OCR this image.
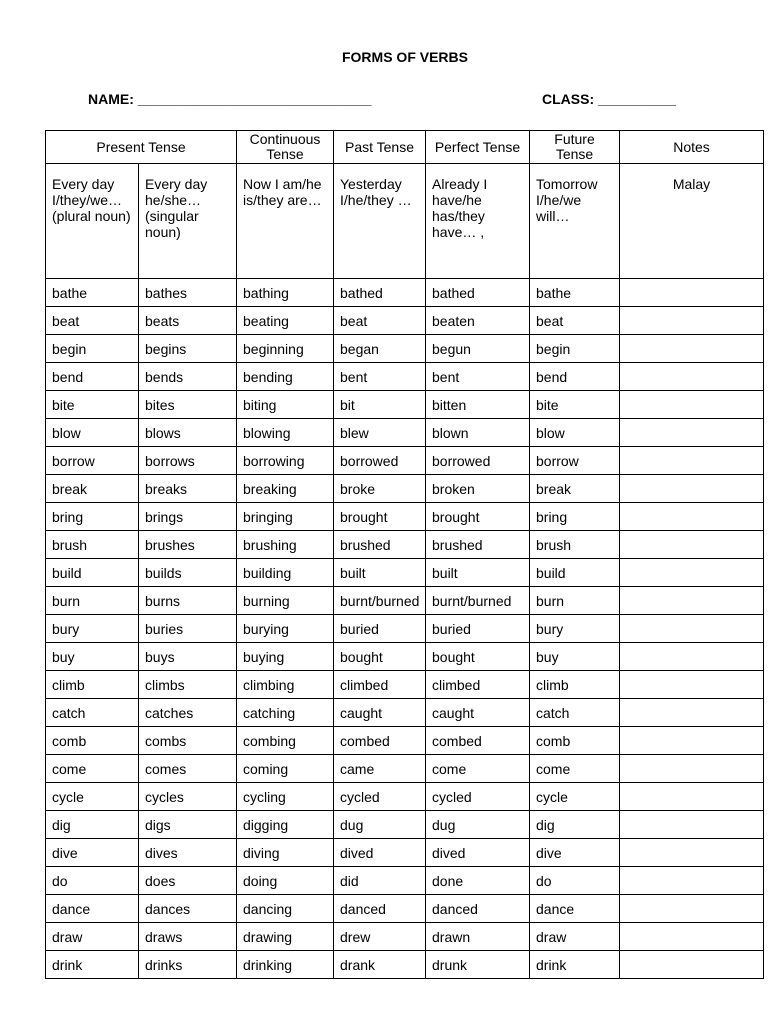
FORMS OF VERBS
NAME: ______________________________	CLASS: __________
Present Tense		Continuous Tense	Past Tense	Perfect Tense	Future Tense	Notes
Every day I/they/we… (plural noun)	Every day he/she… (singular noun)	Now I am/he is/they are…	Yesterday I/he/they …	Already I have/he has/they have… ,	Tomorrow I/he/we will…	Malay
bathe	bathes	bathing	bathed	bathed	bathe	
beat	beats	beating	beat	beaten	beat	
begin	begins	beginning	began	begun	begin	
bend	bends	bending	bent	bent	bend	
bite	bites	biting	bit	bitten	bite	
blow	blows	blowing	blew	blown	blow	
borrow	borrows	borrowing	borrowed	borrowed	borrow	
break	breaks	breaking	broke	broken	break	
bring	brings	bringing	brought	brought	bring	
brush	brushes	brushing	brushed	brushed	brush	
build	builds	building	built	built	build	
burn	burns	burning	burnt/burned	burnt/burned	burn	
bury	buries	burying	buried	buried	bury	
buy	buys	buying	bought	bought	buy	
climb	climbs	climbing	climbed	climbed	climb	
catch	catches	catching	caught	caught	catch	
comb	combs	combing	combed	combed	comb	
come	comes	coming	came	come	come	
cycle	cycles	cycling	cycled	cycled	cycle	
dig	digs	digging	dug	dug	dig	
dive	dives	diving	dived	dived	dive	
do	does	doing	did	done	do	
dance	dances	dancing	danced	danced	dance	
draw	draws	drawing	drew	drawn	draw	
drink	drinks	drinking	drank	drunk	drink	
